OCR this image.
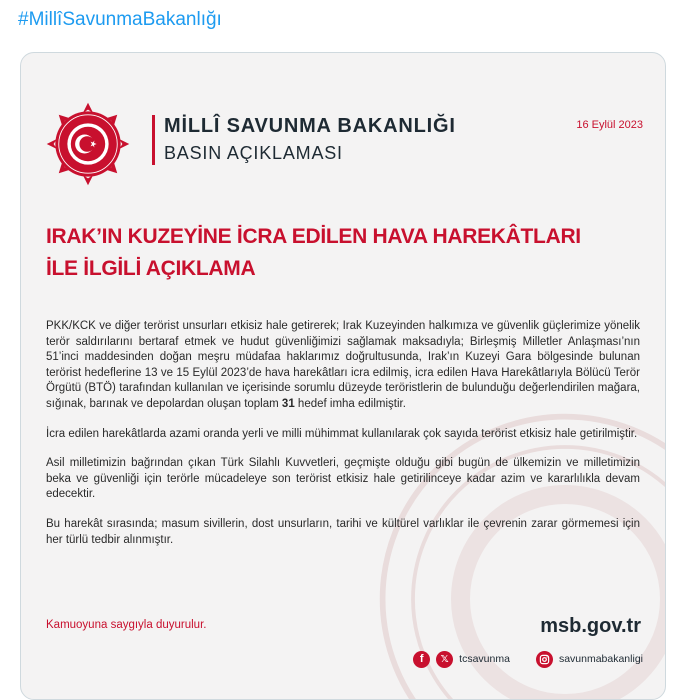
#MillîSavunmaBakanlığı
MİLLÎ SAVUNMA BAKANLIĞI
BASIN AÇIKLAMASI
16 Eylül 2023
IRAK’IN KUZEYİNE İCRA EDİLEN HAVA HAREKÂTLARI
İLE İLGİLİ AÇIKLAMA

PKK/KCK ve diğer terörist unsurları etkisiz hale getirerek; Irak Kuzeyinden halkımıza ve güvenlik güçlerimize yönelik terör saldırılarını bertaraf etmek ve hudut güvenliğimizi sağlamak maksadıyla; Birleşmiş Milletler Anlaşması’nın 51’inci maddesinden doğan meşru müdafaa haklarımız doğrultusunda, Irak’ın Kuzeyi Gara bölgesinde bulunan terörist hedeflerine 13 ve 15 Eylül 2023’de hava harekâtları icra edilmiş, icra edilen Hava Harekâtlarıyla Bölücü Terör Örgütü (BTÖ) tarafından kullanılan ve içerisinde sorumlu düzeyde teröristlerin de bulunduğu değerlendirilen mağara, sığınak, barınak ve depolardan oluşan toplam 31 hedef imha edilmiştir.

İcra edilen harekâtlarda azami oranda yerli ve milli mühimmat kullanılarak çok sayıda terörist etkisiz hale getirilmiştir.

Asil milletimizin bağrından çıkan Türk Silahlı Kuvvetleri, geçmişte olduğu gibi bugün de ülkemizin ve milletimizin beka ve güvenliği için terörle mücadeleye son terörist etkisiz hale getirilinceye kadar azim ve kararlılıkla devam edecektir.

Bu harekât sırasında; masum sivillerin, dost unsurların, tarihi ve kültürel varlıklar ile çevrenin zarar görmemesi için her türlü tedbir alınmıştır.

Kamuoyuna saygıyla duyurulur.	msb.gov.tr
f	𝕏 tcsavunma	savunmabakanligi
